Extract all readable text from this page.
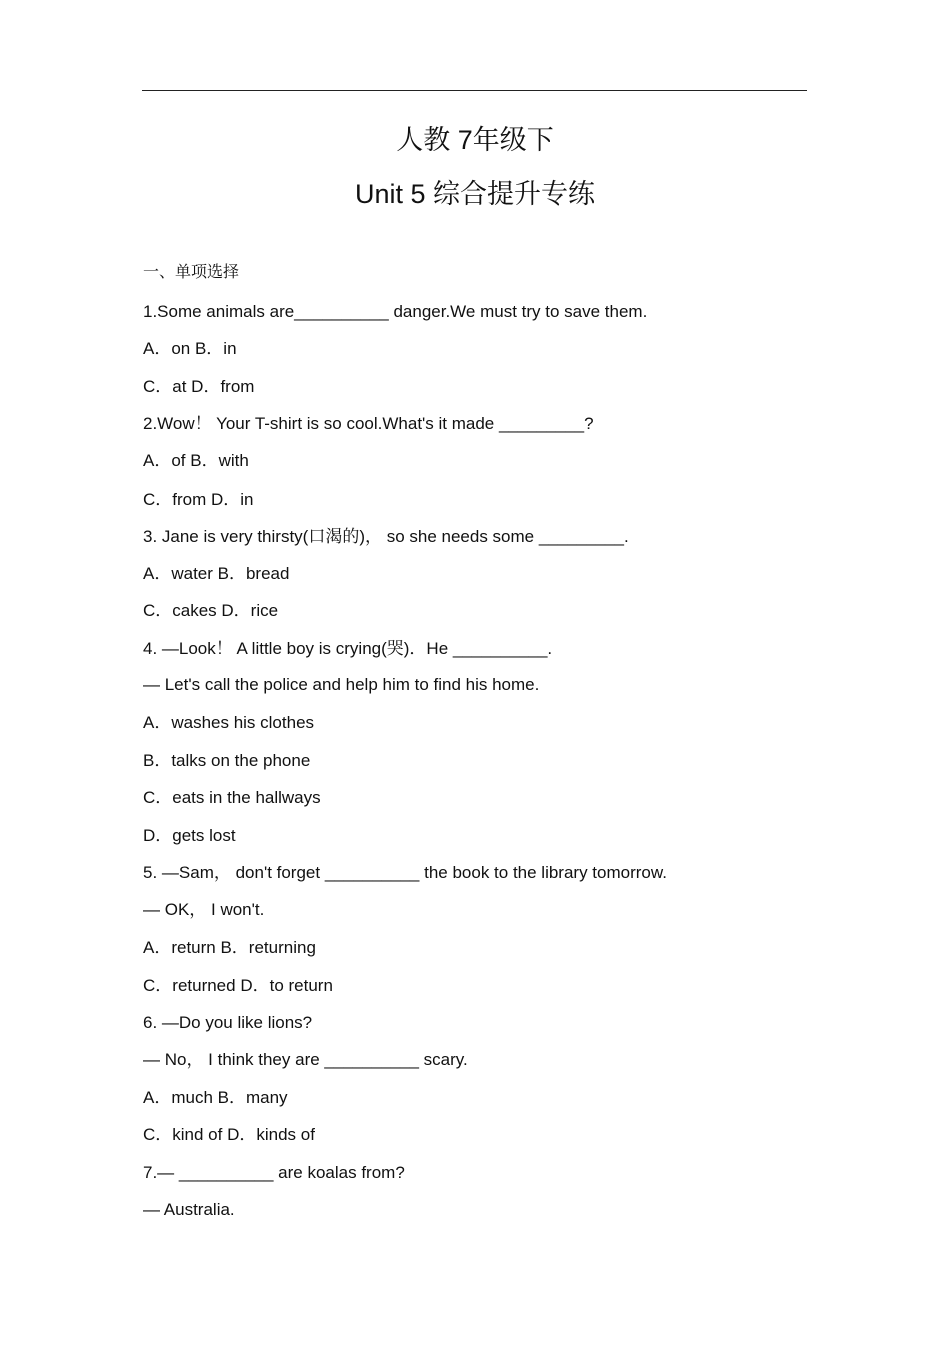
人教 7年级下
Unit 5 综合提升专练
一、单项选择
1.Some animals are__________ danger.We must try to save them.
A．on B．in
C．at D．from
2.Wow！ Your T-shirt is so cool.What's it made _________?
A．of B．with
C．from D．in
3. Jane is very thirsty(口渴的)， so she needs some _________.
A．water B．bread
C．cakes D．rice
4. —Look！ A little boy is crying(哭)．He __________.
— Let's call the police and help him to find his home.
A．washes his clothes
B．talks on the phone
C．eats in the hallways
D．gets lost
5. —Sam， don't forget __________ the book to the library tomorrow.
— OK， I won't.
A．return B．returning
C．returned D．to return
6. —Do you like lions?
— No， I think they are __________ scary.
A．much B．many
C．kind of D．kinds of
7.— __________ are koalas from?
— Australia.
